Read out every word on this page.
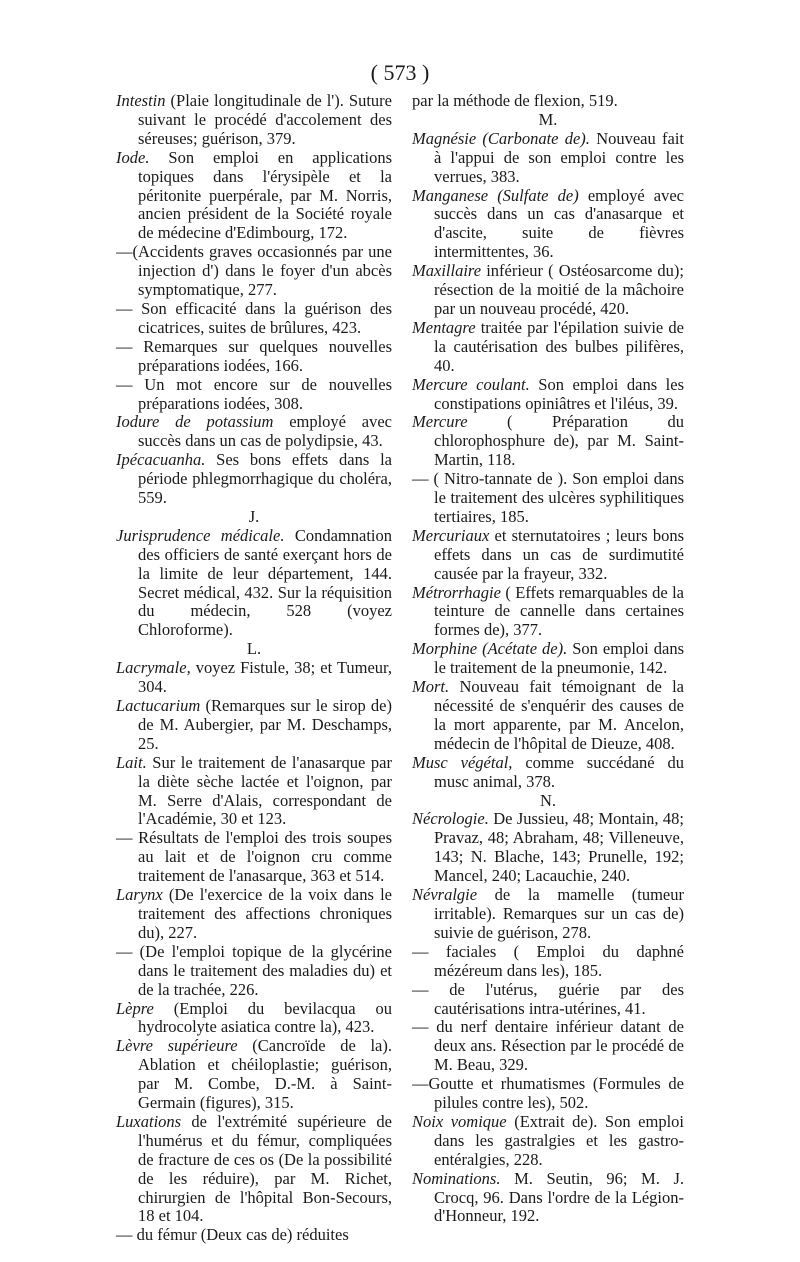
( 573 )
Intestin (Plaie longitudinale de l'). Suture suivant le procédé d'accolement des séreuses; guérison, 379.
Iode. Son emploi en applications topiques dans l'érysipèle et la péritonite puerpérale, par M. Norris, ancien président de la Société royale de médecine d'Edimbourg, 172.
—(Accidents graves occasionnés par une injection d') dans le foyer d'un abcès symptomatique, 277.
— Son efficacité dans la guérison des cicatrices, suites de brûlures, 423.
— Remarques sur quelques nouvelles préparations iodées, 166.
— Un mot encore sur de nouvelles préparations iodées, 308.
Iodure de potassium employé avec succès dans un cas de polydipsie, 43.
Ipécacuanha. Ses bons effets dans la période phlegmorrhagique du choléra, 559.
J.
Jurisprudence médicale. Condamnation des officiers de santé exerçant hors de la limite de leur département, 144. Secret médical, 432. Sur la réquisition du médecin, 528 (voyez Chloroforme).
L.
Lacrymale, voyez Fistule, 38; et Tumeur, 304.
Lactucarium (Remarques sur le sirop de) de M. Aubergier, par M. Deschamps, 25.
Lait. Sur le traitement de l'anasarque par la diète sèche lactée et l'oignon, par M. Serre d'Alais, correspondant de l'Académie, 30 et 123.
— Résultats de l'emploi des trois soupes au lait et de l'oignon cru comme traitement de l'anasarque, 363 et 514.
Larynx (De l'exercice de la voix dans le traitement des affections chroniques du), 227.
— (De l'emploi topique de la glycérine dans le traitement des maladies du) et de la trachée, 226.
Lèpre (Emploi du bevilacqua ou hydrocolyte asiatica contre la), 423.
Lèvre supérieure (Cancroïde de la). Ablation et chéiloplastie; guérison, par M. Combe, D.-M. à Saint-Germain (figures), 315.
Luxations de l'extrémité supérieure de l'humérus et du fémur, compliquées de fracture de ces os (De la possibilité de les réduire), par M. Richet, chirurgien de l'hôpital Bon-Secours, 18 et 104.
— du fémur (Deux cas de) réduites
par la méthode de flexion, 519.
M.
Magnésie (Carbonate de). Nouveau fait à l'appui de son emploi contre les verrues, 383.
Manganese (Sulfate de) employé avec succès dans un cas d'anasarque et d'ascite, suite de fièvres intermittentes, 36.
Maxillaire inférieur ( Ostéosarcome du); résection de la moitié de la mâchoire par un nouveau procédé, 420.
Mentagre traitée par l'épilation suivie de la cautérisation des bulbes pilifères, 40.
Mercure coulant. Son emploi dans les constipations opiniâtres et l'iléus, 39.
Mercure ( Préparation du chlorophosphure de), par M. Saint-Martin, 118.
— ( Nitro-tannate de ). Son emploi dans le traitement des ulcères syphilitiques tertiaires, 185.
Mercuriaux et sternutatoires ; leurs bons effets dans un cas de surdimutité causée par la frayeur, 332.
Métrorrhagie ( Effets remarquables de la teinture de cannelle dans certaines formes de), 377.
Morphine (Acétate de). Son emploi dans le traitement de la pneumonie, 142.
Mort. Nouveau fait témoignant de la nécessité de s'enquérir des causes de la mort apparente, par M. Ancelon, médecin de l'hôpital de Dieuze, 408.
Musc végétal, comme succédané du musc animal, 378.
N.
Nécrologie. De Jussieu, 48; Montain, 48; Pravaz, 48; Abraham, 48; Villeneuve, 143; N. Blache, 143; Prunelle, 192; Mancel, 240; Lacauchie, 240.
Névralgie de la mamelle (tumeur irritable). Remarques sur un cas de) suivie de guérison, 278.
— faciales ( Emploi du daphné mézéreum dans les), 185.
— de l'utérus, guérie par des cautérisations intra-utérines, 41.
— du nerf dentaire inférieur datant de deux ans. Résection par le procédé de M. Beau, 329.
—Goutte et rhumatismes (Formules de pilules contre les), 502.
Noix vomique (Extrait de). Son emploi dans les gastralgies et les gastro-entéralgies, 228.
Nominations. M. Seutin, 96; M. J. Crocq, 96. Dans l'ordre de la Légion-d'Honneur, 192.
